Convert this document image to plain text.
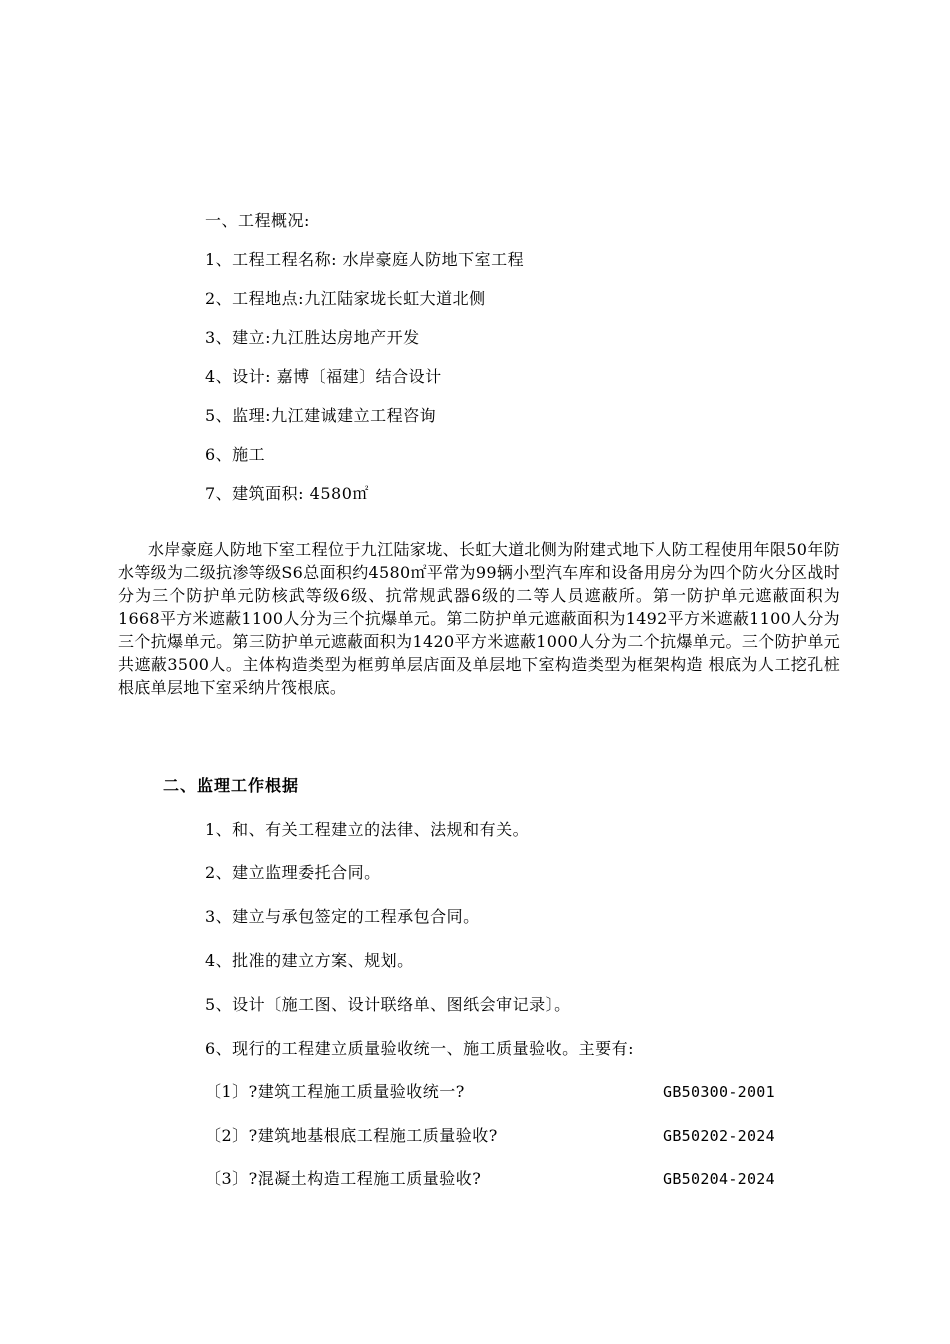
一、工程概况:
1、工程工程名称: 水岸豪庭人防地下室工程
2、工程地点:九江陆家垅长虹大道北侧
3、建立:九江胜达房地产开发
4、设计: 嘉博〔福建〕结合设计
5、监理:九江建诚建立工程咨询
6、施工
7、建筑面积: 4580㎡
水岸豪庭人防地下室工程位于九江陆家垅、长虹大道北侧为附建式地下人防工程使用年限50年防水等级为二级抗渗等级S6总面积约4580㎡平常为99辆小型汽车库和设备用房分为四个防火分区战时分为三个防护单元防核武等级6级、抗常规武器6级的二等人员遮蔽所。第一防护单元遮蔽面积为1668平方米遮蔽1100人分为三个抗爆单元。第二防护单元遮蔽面积为1492平方米遮蔽1100人分为三个抗爆单元。第三防护单元遮蔽面积为1420平方米遮蔽1000人分为二个抗爆单元。三个防护单元共遮蔽3500人。主体构造类型为框剪单层店面及单层地下室构造类型为框架构造 根底为人工挖孔桩根底单层地下室采纳片筏根底。
二、监理工作根据
1、和、有关工程建立的法律、法规和有关。
2、建立监理委托合同。
3、建立与承包签定的工程承包合同。
4、批准的建立方案、规划。
5、设计〔施工图、设计联络单、图纸会审记录〕。
6、现行的工程建立质量验收统一、施工质量验收。主要有:
〔1〕?建筑工程施工质量验收统一?	GB50300-2001
〔2〕?建筑地基根底工程施工质量验收?	GB50202-2024
〔3〕?混凝土构造工程施工质量验收?	GB50204-2024
